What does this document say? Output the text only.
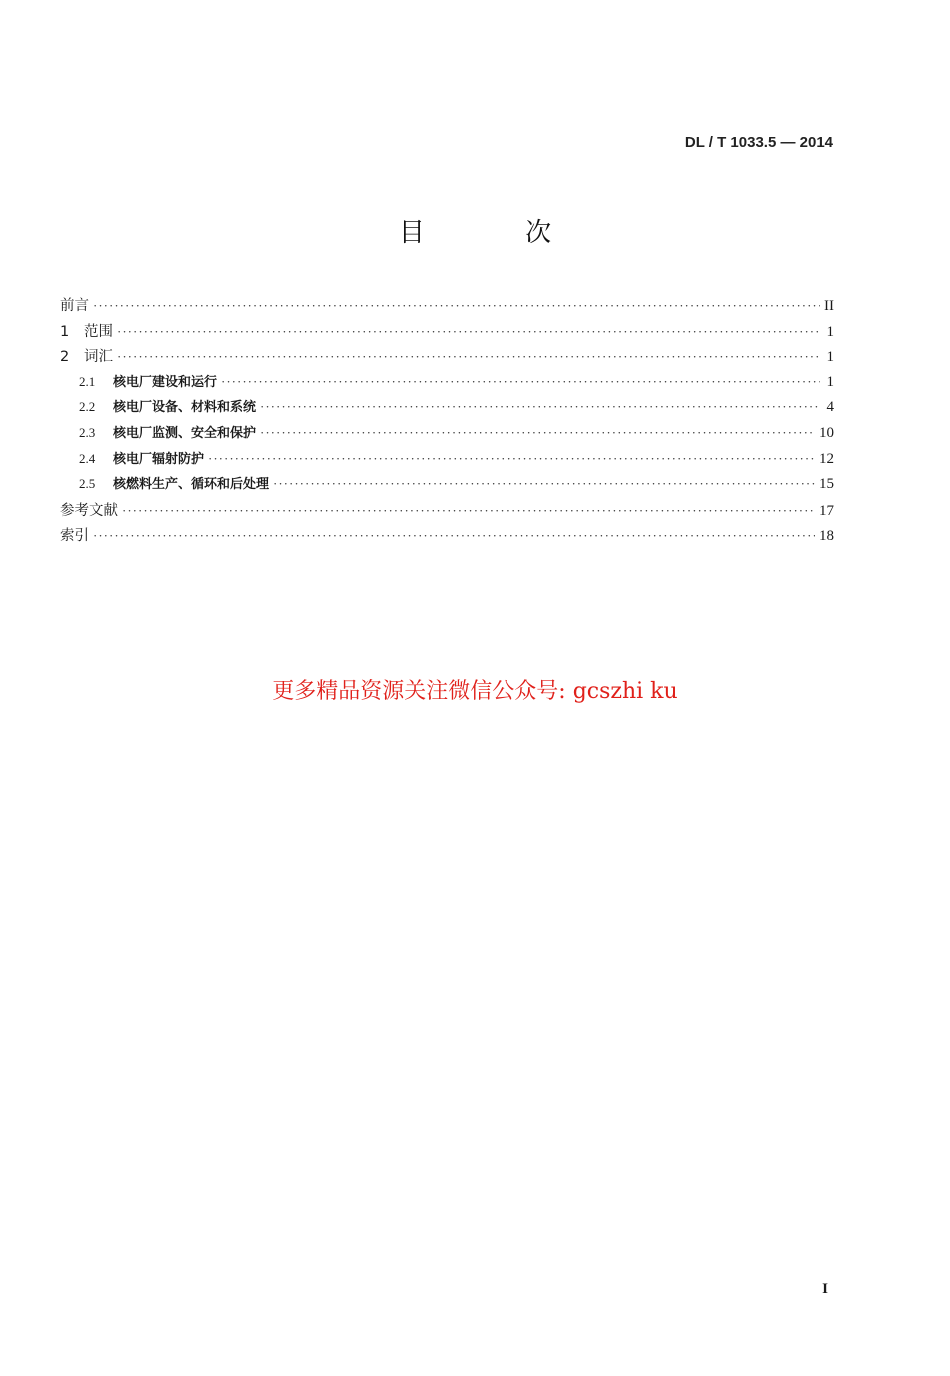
DL / T 1033.5 — 2014
目 次
前言 ·····	II
1	范围 ·····	1
2	词汇 ·····	1
2.1	核电厂建设和运行 ·····	1
2.2	核电厂设备、材料和系统 ·····	4
2.3	核电厂监测、安全和保护 ·····	10
2.4	核电厂辐射防护 ·····	12
2.5	核燃料生产、循环和后处理 ·····	15
参考文献 ·····	17
索引 ·····	18
更多精品资源关注微信公众号: gcszhi ku
I
